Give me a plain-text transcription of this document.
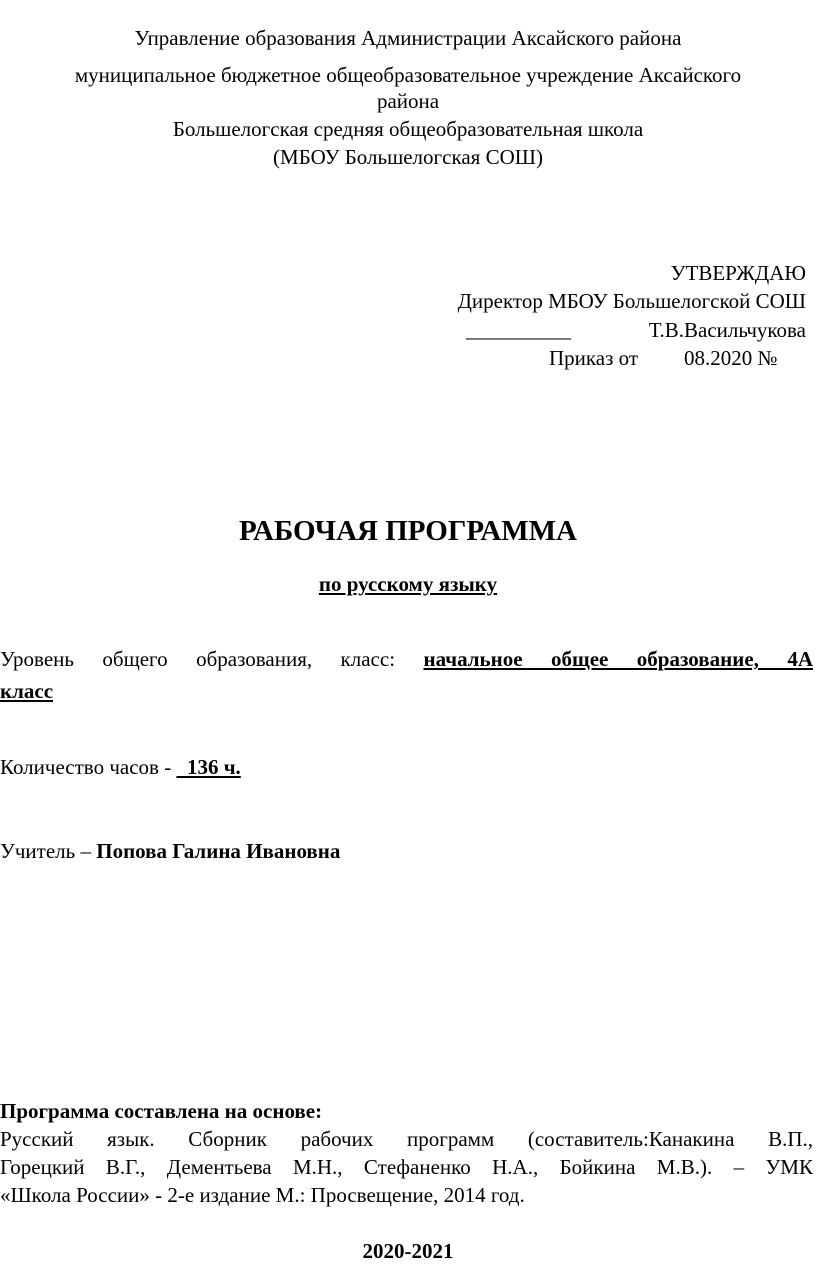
Управление образования Администрации Аксайского района
муниципальное бюджетное общеобразовательное учреждение Аксайского
района
Большелогская средняя общеобразовательная школа
(МБОУ Большелогская СОШ)
УТВЕРЖДАЮ
Директор МБОУ Большелогской СОШ
__________	Т.В.Васильчукова
Приказ от 08.2020 №
РАБОЧАЯ ПРОГРАММА
по русскому языку
Уровень общего образования, класс: начальное общее образование, 4А
класс
Количество часов -   136 ч.
Учитель – Попова Галина Ивановна
Программа составлена на основе:
Русский язык. Сборник рабочих программ (составитель:Канакина В.П.,
Горецкий В.Г., Дементьева М.Н., Стефаненко Н.А., Бойкина М.В.). – УМК
«Школа России» - 2-е издание М.: Просвещение, 2014 год.
2020-2021
